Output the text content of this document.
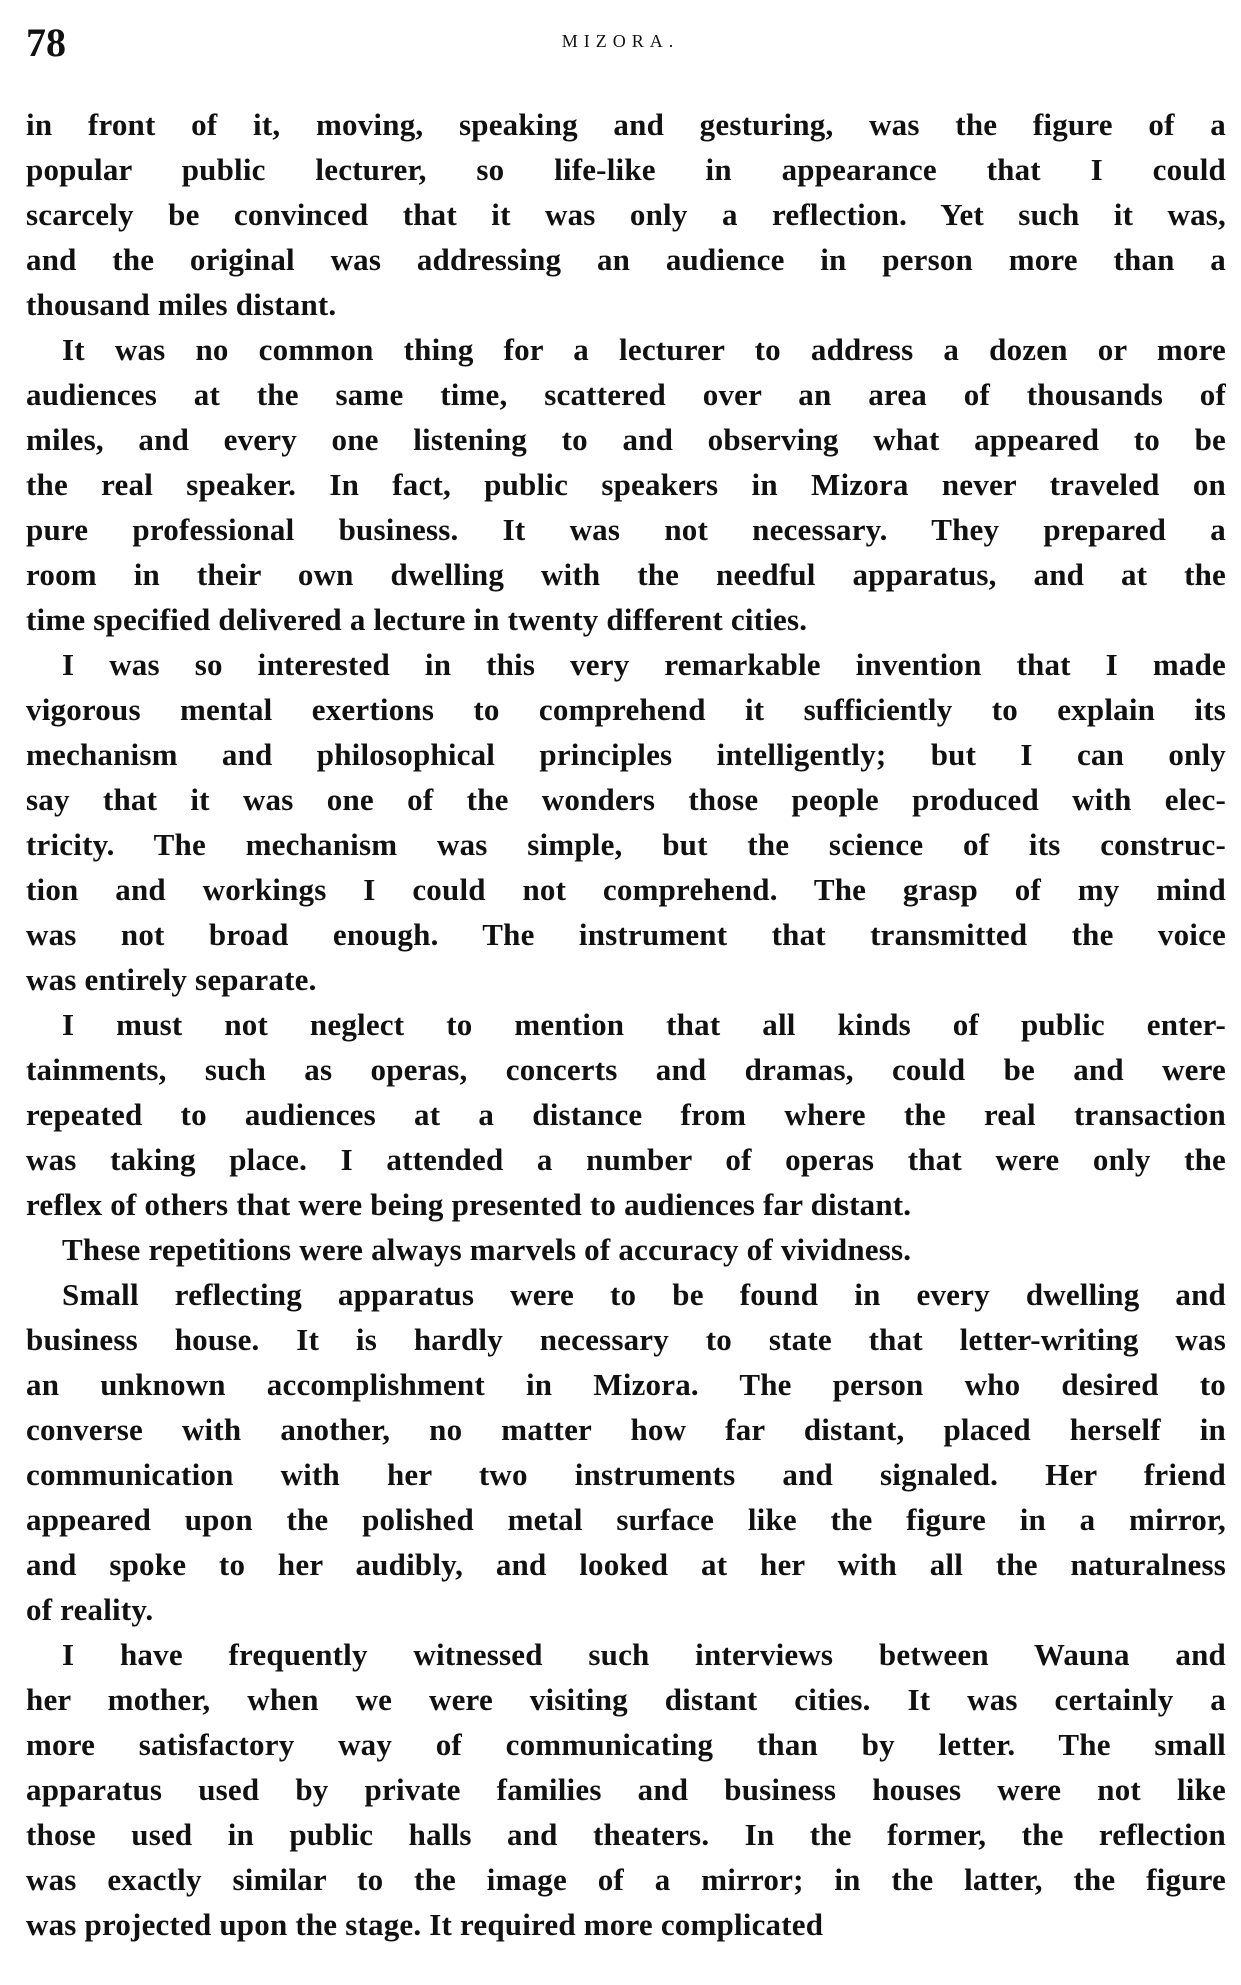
78	MIZORA.
in front of it, moving, speaking and gesturing, was the figure of a
popular public lecturer, so life-like in appearance that I could
scarcely be convinced that it was only a reflection. Yet such it was,
and the original was addressing an audience in person more than a
thousand miles distant.
It was no common thing for a lecturer to address a dozen or more
audiences at the same time, scattered over an area of thousands of
miles, and every one listening to and observing what appeared to be
the real speaker. In fact, public speakers in Mizora never traveled on
pure professional business. It was not necessary. They prepared a
room in their own dwelling with the needful apparatus, and at the
time specified delivered a lecture in twenty different cities.
I was so interested in this very remarkable invention that I made
vigorous mental exertions to comprehend it sufficiently to explain its
mechanism and philosophical principles intelligently; but I can only
say that it was one of the wonders those people produced with elec-
tricity. The mechanism was simple, but the science of its construc-
tion and workings I could not comprehend. The grasp of my mind
was not broad enough. The instrument that transmitted the voice
was entirely separate.
I must not neglect to mention that all kinds of public enter-
tainments, such as operas, concerts and dramas, could be and were
repeated to audiences at a distance from where the real transaction
was taking place. I attended a number of operas that were only the
reflex of others that were being presented to audiences far distant.
These repetitions were always marvels of accuracy of vividness.
Small reflecting apparatus were to be found in every dwelling and
business house. It is hardly necessary to state that letter-writing was
an unknown accomplishment in Mizora. The person who desired to
converse with another, no matter how far distant, placed herself in
communication with her two instruments and signaled. Her friend
appeared upon the polished metal surface like the figure in a mirror,
and spoke to her audibly, and looked at her with all the naturalness
of reality.
I have frequently witnessed such interviews between Wauna and
her mother, when we were visiting distant cities. It was certainly a
more satisfactory way of communicating than by letter. The small
apparatus used by private families and business houses were not like
those used in public halls and theaters. In the former, the reflection
was exactly similar to the image of a mirror; in the latter, the figure
was projected upon the stage. It required more complicated
